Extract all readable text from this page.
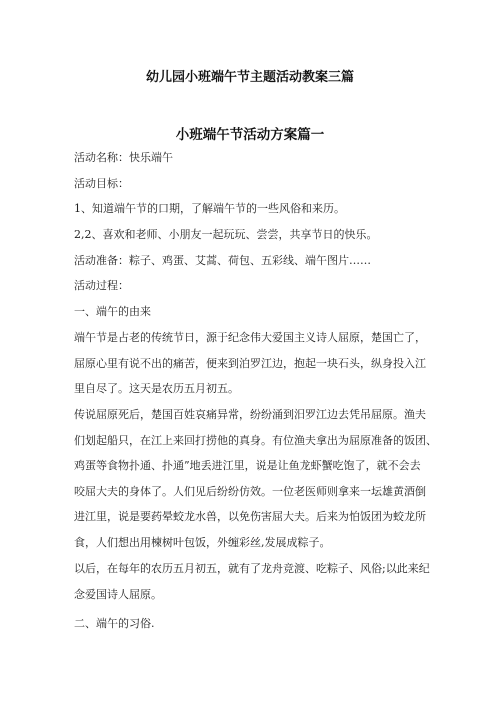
幼儿园小班端午节主题活动教案三篇
小班端午节活动方案篇一
活动名称：快乐端午
活动目标：
1、知道端午节的口期，了解端午节的一些风俗和来历。
2,2、喜欢和老师、小朋友一起玩玩、尝尝，共享节日的快乐。
活动准备：粽子、鸡蛋、艾蒿、荷包、五彩线、端午图片……
活动过程：
一、端午的由来
端午节是占老的传统节日，源于纪念伟大爱国主义诗人屈原，楚国亡了，
屈原心里有说不出的痛苦，便来到泊罗江边，抱起一块石头，纵身投入江
里自尽了。这天是农历五月初五。
传说屈原死后，楚国百姓哀痛异常，纷纷涌到汨罗江边去凭吊屈原。渔夫
们划起船只，在江上来回打捞他的真身。有位渔夫拿出为屈原准备的饭团、
鸡蛋等食物扑通、扑通”地丢进江里，说是让鱼龙虾蟹吃饱了，就不会去
咬屈大夫的身体了。人们见后纷纷仿效。一位老医师则拿来一坛雄黄酒倒
进江里，说是要药晕蛟龙水兽，以免伤害屈大夫。后来为怕饭团为蛟龙所
食，人们想出用楝树叶包饭，外缠彩丝,发展成粽子。
以后，在每年的农历五月初五，就有了龙舟竞渡、吃粽子、风俗;以此来纪
念爱国诗人屈原。
二、端午的习俗.
